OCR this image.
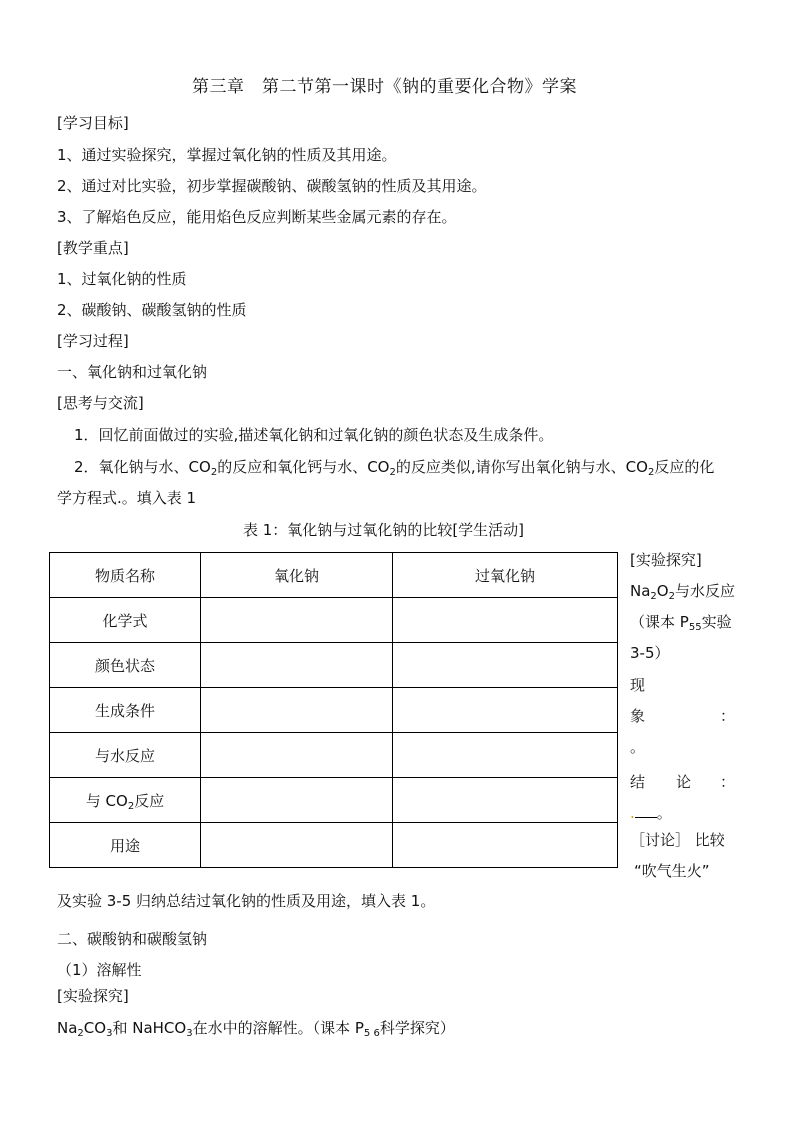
第三章　第二节第一课时《钠的重要化合物》学案
[学习目标]
1、通过实验探究，掌握过氧化钠的性质及其用途。
2、通过对比实验，初步掌握碳酸钠、碳酸氢钠的性质及其用途。
3、了解焰色反应，能用焰色反应判断某些金属元素的存在。
[教学重点]
1、过氧化钠的性质
2、碳酸钠、碳酸氢钠的性质
[学习过程]
一、氧化钠和过氧化钠
[思考与交流]
1．回忆前面做过的实验,描述氧化钠和过氧化钠的颜色状态及生成条件。
2．氧化钠与水、$CO_2$的反应和氧化钙与水、$CO_2$的反应类似,请你写出氧化钠与水、$CO_2$反应的化
学方程式.。填入表 1
表 1：氧化钠与过氧化钠的比较[学生活动]
物质名称	氧化钠	过氧化钠
化学式		
颜色状态		
生成条件		
与水反应		
与 $CO_2$反应		
用途		
[实验探究]
$Na_2O_2$与水反应
（课本 $P_{55}$实验
3-5）
现
象	：
。
结 论 ：
. 。
［讨论］ 比较
“吹气生火”
及实验 3-5 归纳总结过氧化钠的性质及用途，填入表 1。
二、碳酸钠和碳酸氢钠
（1）溶解性
[实验探究]
$Na_2CO_3$和 NaHCO$_3$在水中的溶解性。（课本 $P_{5 6}$科学探究）
